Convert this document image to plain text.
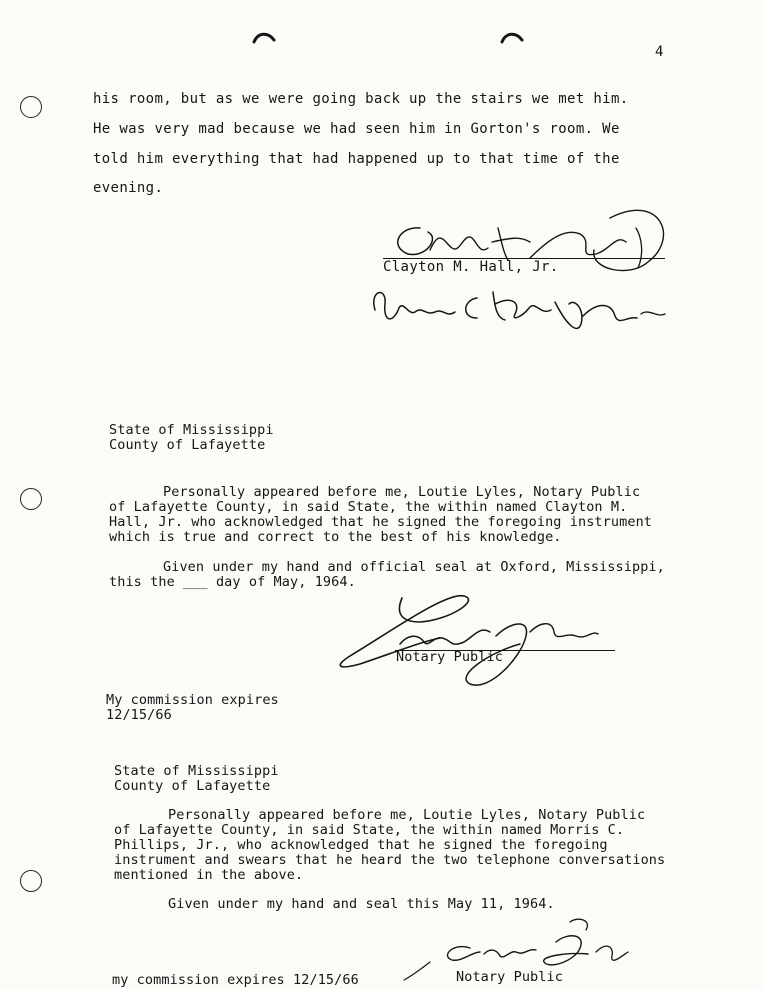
4
his room, but as we were going back up the stairs we met him.
He was very mad because we had seen him in Gorton's room. We
told him everything that had happened up to that time of the
evening.
Clayton M. Hall, Jr.
State of Mississippi
County of Lafayette
Personally appeared before me, Loutie Lyles, Notary Public
of Lafayette County, in said State, the within named Clayton M.
Hall, Jr. who acknowledged that he signed the foregoing instrument
which is true and correct to the best of his knowledge.
Given under my hand and official seal at Oxford, Mississippi,
this the ___ day of May, 1964.
Notary Public
My commission expires
12/15/66
State of Mississippi
County of Lafayette
Personally appeared before me, Loutie Lyles, Notary Public
of Lafayette County, in said State, the within named Morris C.
Phillips, Jr., who acknowledged that he signed the foregoing
instrument and swears that he heard the two telephone conversations
mentioned in the above.
Given under my hand and seal this May 11, 1964.
my commission expires 12/15/66	Notary Public
